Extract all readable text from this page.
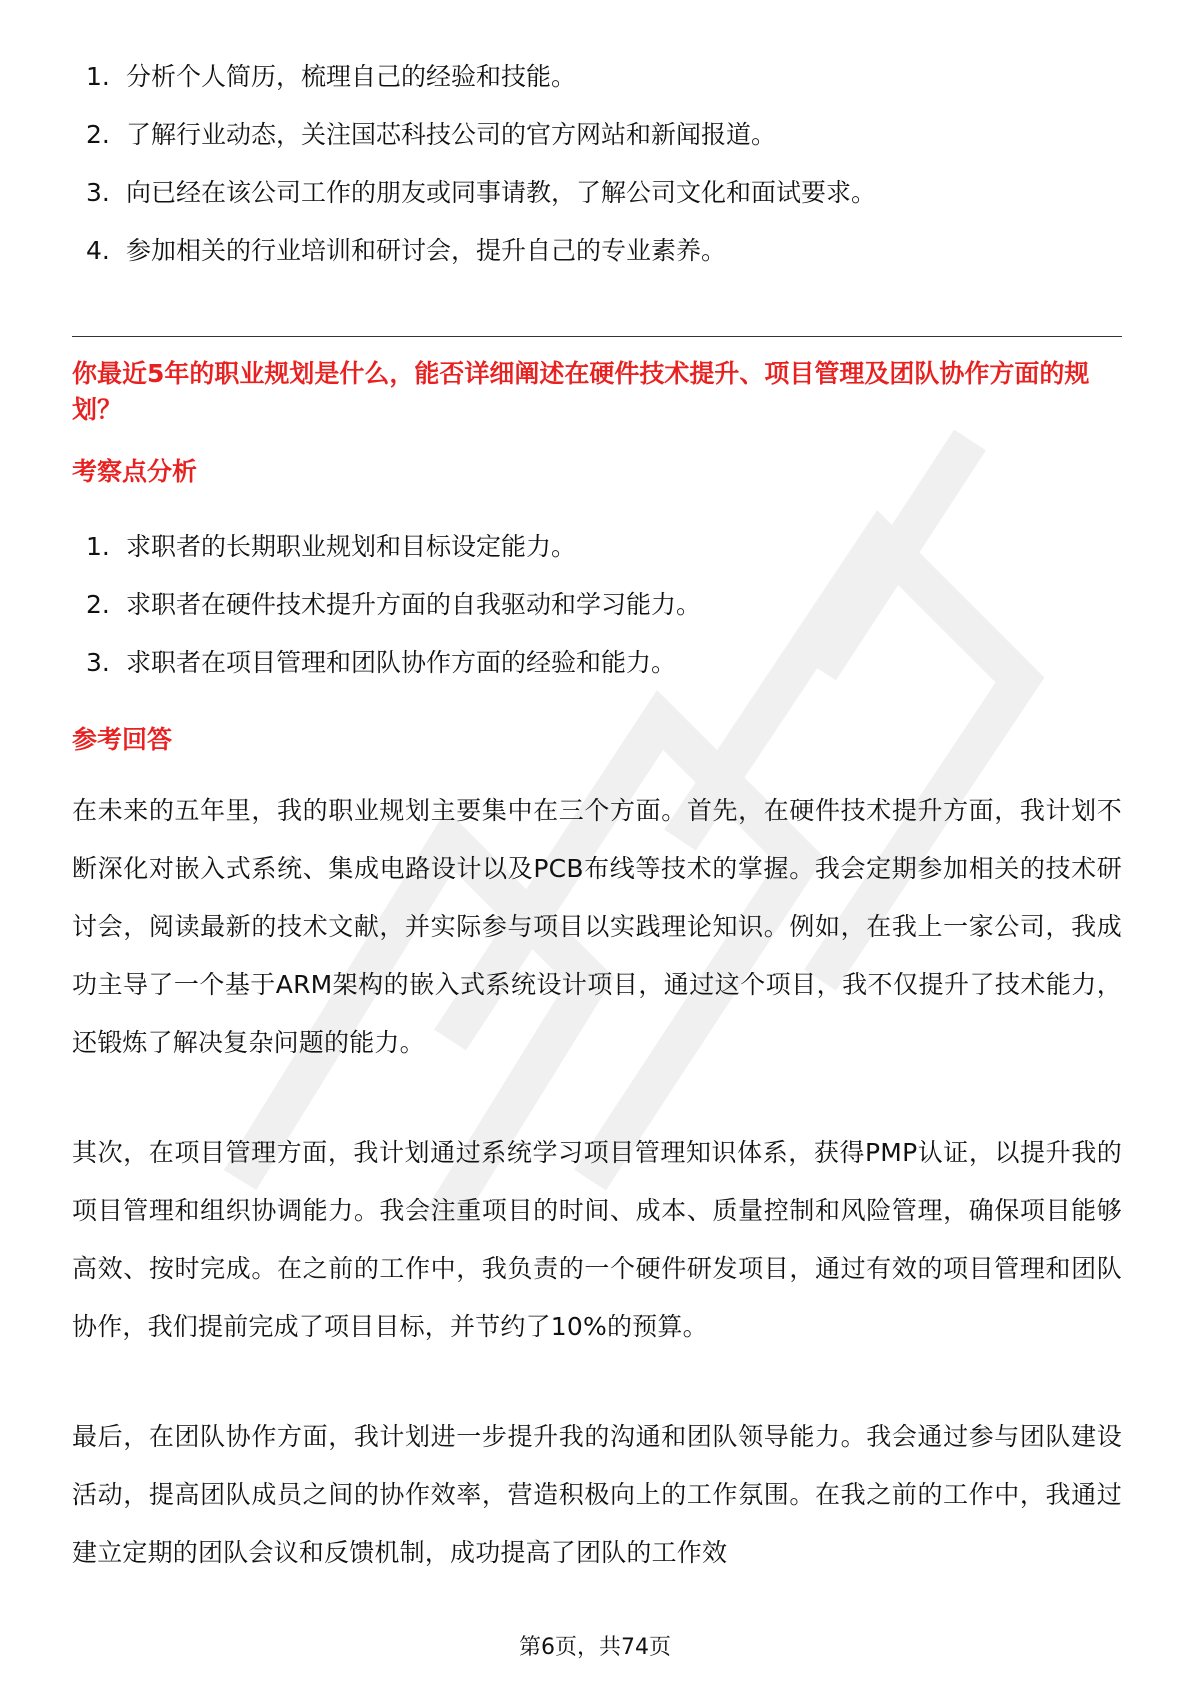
1. 分析个人简历，梳理自己的经验和技能。
2. 了解行业动态，关注国芯科技公司的官方网站和新闻报道。
3. 向已经在该公司工作的朋友或同事请教，了解公司文化和面试要求。
4. 参加相关的行业培训和研讨会，提升自己的专业素养。
你最近5年的职业规划是什么，能否详细阐述在硬件技术提升、项目管理及团队协作方面的规划？
考察点分析
1. 求职者的长期职业规划和目标设定能力。
2. 求职者在硬件技术提升方面的自我驱动和学习能力。
3. 求职者在项目管理和团队协作方面的经验和能力。
参考回答

在未来的五年里，我的职业规划主要集中在三个方面。首先，在硬件技术提升方面，我计划不断深化对嵌入式系统、集成电路设计以及PCB布线等技术的掌握。我会定期参加相关的技术研讨会，阅读最新的技术文献，并实际参与项目以实践理论知识。例如，在我上一家公司，我成功主导了一个基于ARM架构的嵌入式系统设计项目，通过这个项目，我不仅提升了技术能力，还锻炼了解决复杂问题的能力。

其次，在项目管理方面，我计划通过系统学习项目管理知识体系，获得PMP认证，以提升我的项目管理和组织协调能力。我会注重项目的时间、成本、质量控制和风险管理，确保项目能够高效、按时完成。在之前的工作中，我负责的一个硬件研发项目，通过有效的项目管理和团队协作，我们提前完成了项目目标，并节约了10%的预算。

最后，在团队协作方面，我计划进一步提升我的沟通和团队领导能力。我会通过参与团队建设活动，提高团队成员之间的协作效率，营造积极向上的工作氛围。在我之前的工作中，我通过建立定期的团队会议和反馈机制，成功提高了团队的工作效

第6页，共74页
